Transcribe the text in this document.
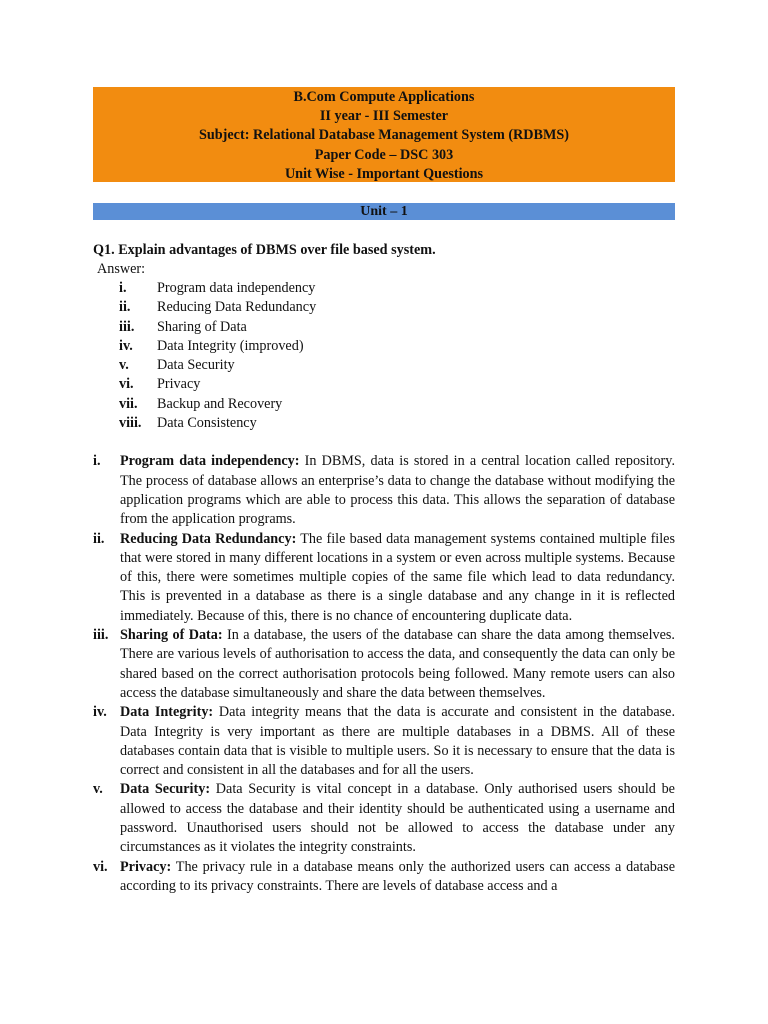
B.Com Compute Applications
II year - III Semester
Subject: Relational Database Management System (RDBMS)
Paper Code – DSC 303
Unit Wise - Important Questions
Unit – 1
Q1. Explain advantages of DBMS over file based system.
Answer:
i.	Program data independency
ii.	Reducing Data Redundancy
iii.	Sharing of Data
iv.	Data Integrity (improved)
v.	Data Security
vi.	Privacy
vii.	Backup and Recovery
viii.	Data Consistency
i.	Program data independency: In DBMS, data is stored in a central location called repository. The process of database allows an enterprise’s data to change the database without modifying the application programs which are able to process this data. This allows the separation of database from the application programs.
ii.	Reducing Data Redundancy: The file based data management systems contained multiple files that were stored in many different locations in a system or even across multiple systems. Because of this, there were sometimes multiple copies of the same file which lead to data redundancy. This is prevented in a database as there is a single database and any change in it is reflected immediately. Because of this, there is no chance of encountering duplicate data.
iii. Sharing of Data: In a database, the users of the database can share the data among themselves. There are various levels of authorisation to access the data, and consequently the data can only be shared based on the correct authorisation protocols being followed. Many remote users can also access the database simultaneously and share the data between themselves.
iv. Data Integrity: Data integrity means that the data is accurate and consistent in the database. Data Integrity is very important as there are multiple databases in a DBMS. All of these databases contain data that is visible to multiple users. So it is necessary to ensure that the data is correct and consistent in all the databases and for all the users.
v.	Data Security: Data Security is vital concept in a database. Only authorised users should be allowed to access the database and their identity should be authenticated using a username and password. Unauthorised users should not be allowed to access the database under any circumstances as it violates the integrity constraints.
vi. Privacy: The privacy rule in a database means only the authorized users can access a database according to its privacy constraints. There are levels of database access and a
